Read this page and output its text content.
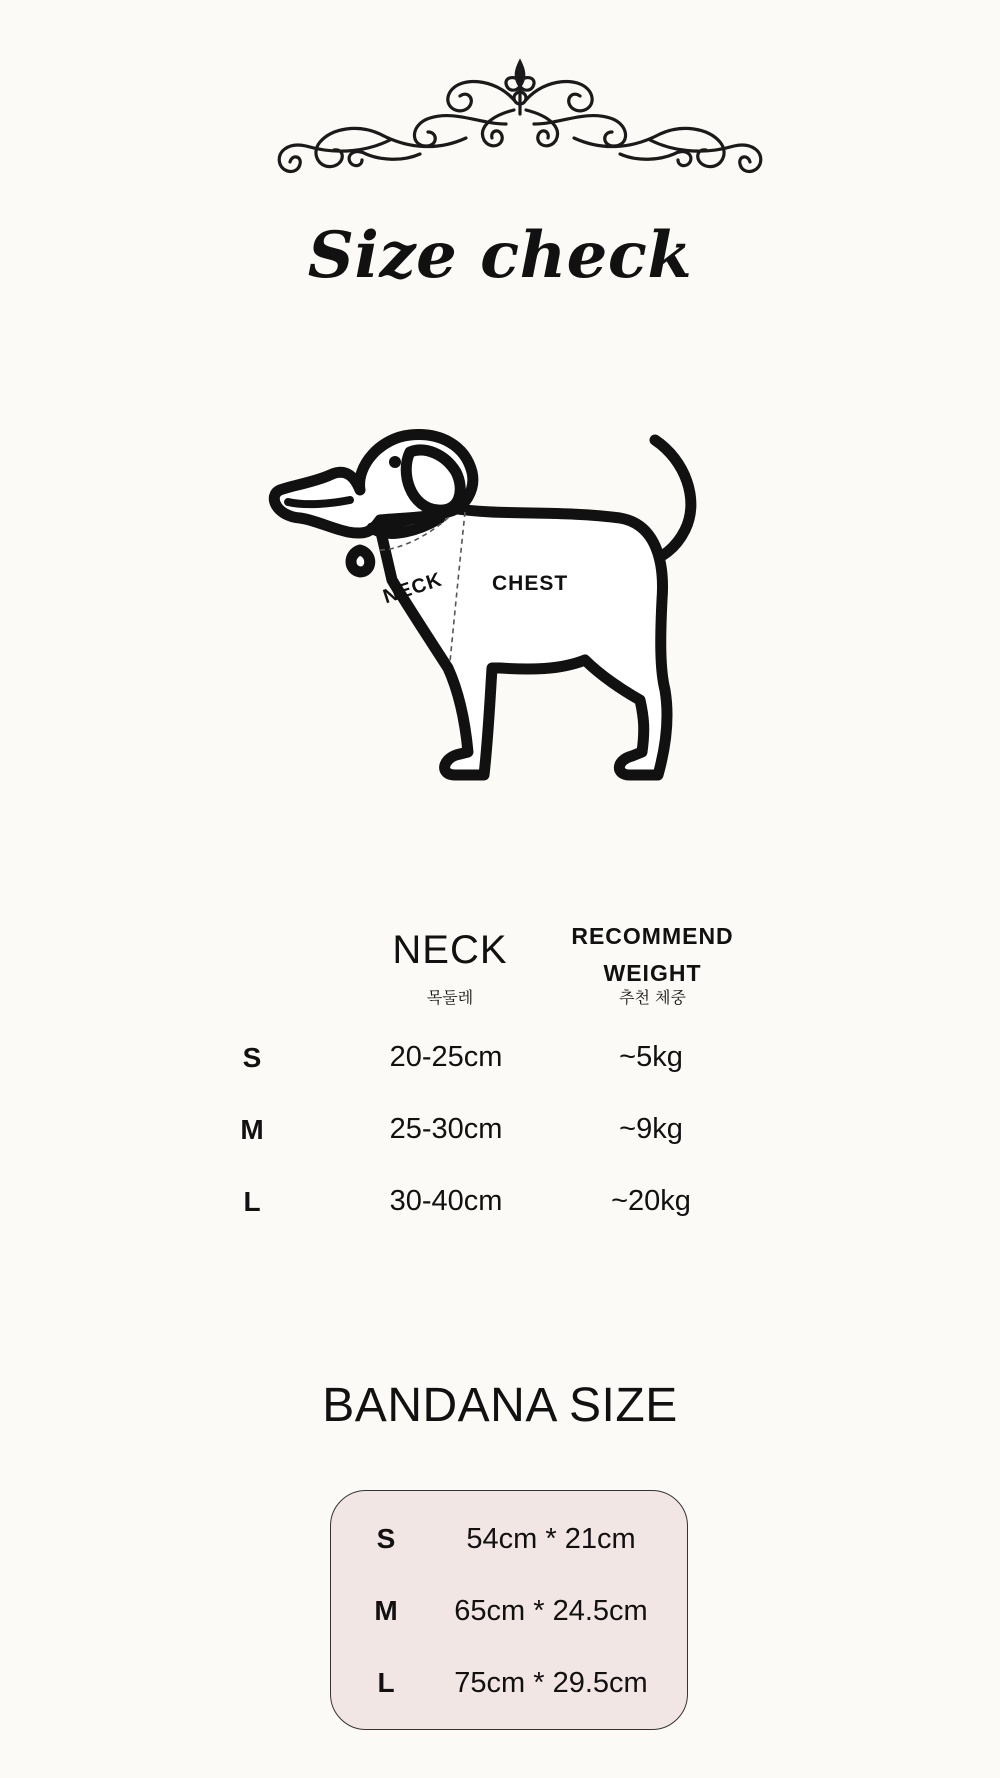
Size check
NECK CHEST
NECK
목둘레
RECOMMEND
WEIGHT
추천 체중
S	20-25cm	~5kg
M	25-30cm	~9kg
L	30-40cm	~20kg
BANDANA SIZE
S	54cm * 21cm
M	65cm * 24.5cm
L	75cm * 29.5cm
